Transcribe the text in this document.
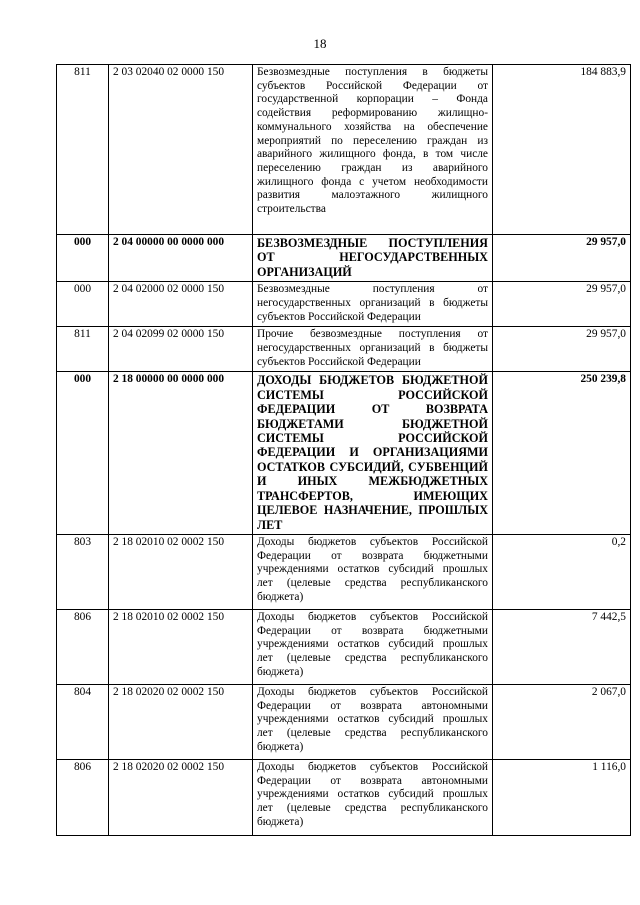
18
811	2 03 02040 02 0000 150	Безвозмездные поступления в бюджеты субъектов Российской Федерации от государственной корпорации – Фонда содействия реформированию жилищно-коммунального хозяйства на обеспечение мероприятий по переселению граждан из аварийного жилищного фонда, в том числе переселению граждан из аварийного жилищного фонда с учетом необходимости развития малоэтажного жилищного строительства	184 883,9
000	2 04 00000 00 0000 000	БЕЗВОЗМЕЗДНЫЕ ПОСТУПЛЕНИЯ ОТ НЕГОСУДАРСТВЕННЫХ ОРГАНИЗАЦИЙ	29 957,0
000	2 04 02000 02 0000 150	Безвозмездные поступления от негосударственных организаций в бюджеты субъектов Российской Федерации	29 957,0
811	2 04 02099 02 0000 150	Прочие безвозмездные поступления от негосударственных организаций в бюджеты субъектов Российской Федерации	29 957,0
000	2 18 00000 00 0000 000	ДОХОДЫ БЮДЖЕТОВ БЮДЖЕТНОЙ СИСТЕМЫ РОССИЙСКОЙ ФЕДЕРАЦИИ ОТ ВОЗВРАТА БЮДЖЕТАМИ БЮДЖЕТНОЙ СИСТЕМЫ РОССИЙСКОЙ ФЕДЕРАЦИИ И ОРГАНИЗАЦИЯМИ ОСТАТКОВ СУБСИДИЙ, СУБВЕНЦИЙ И ИНЫХ МЕЖБЮДЖЕТНЫХ ТРАНСФЕРТОВ, ИМЕЮЩИХ ЦЕЛЕВОЕ НАЗНАЧЕНИЕ, ПРОШЛЫХ ЛЕТ	250 239,8
803	2 18 02010 02 0002 150	Доходы бюджетов субъектов Российской Федерации от возврата бюджетными учреждениями остатков субсидий прошлых лет (целевые средства республиканского бюджета)	0,2
806	2 18 02010 02 0002 150	Доходы бюджетов субъектов Российской Федерации от возврата бюджетными учреждениями остатков субсидий прошлых лет (целевые средства республиканского бюджета)	7 442,5
804	2 18 02020 02 0002 150	Доходы бюджетов субъектов Российской Федерации от возврата автономными учреждениями остатков субсидий прошлых лет (целевые средства республиканского бюджета)	2 067,0
806	2 18 02020 02 0002 150	Доходы бюджетов субъектов Российской Федерации от возврата автономными учреждениями остатков субсидий прошлых лет (целевые средства республиканского бюджета)	1 116,0
